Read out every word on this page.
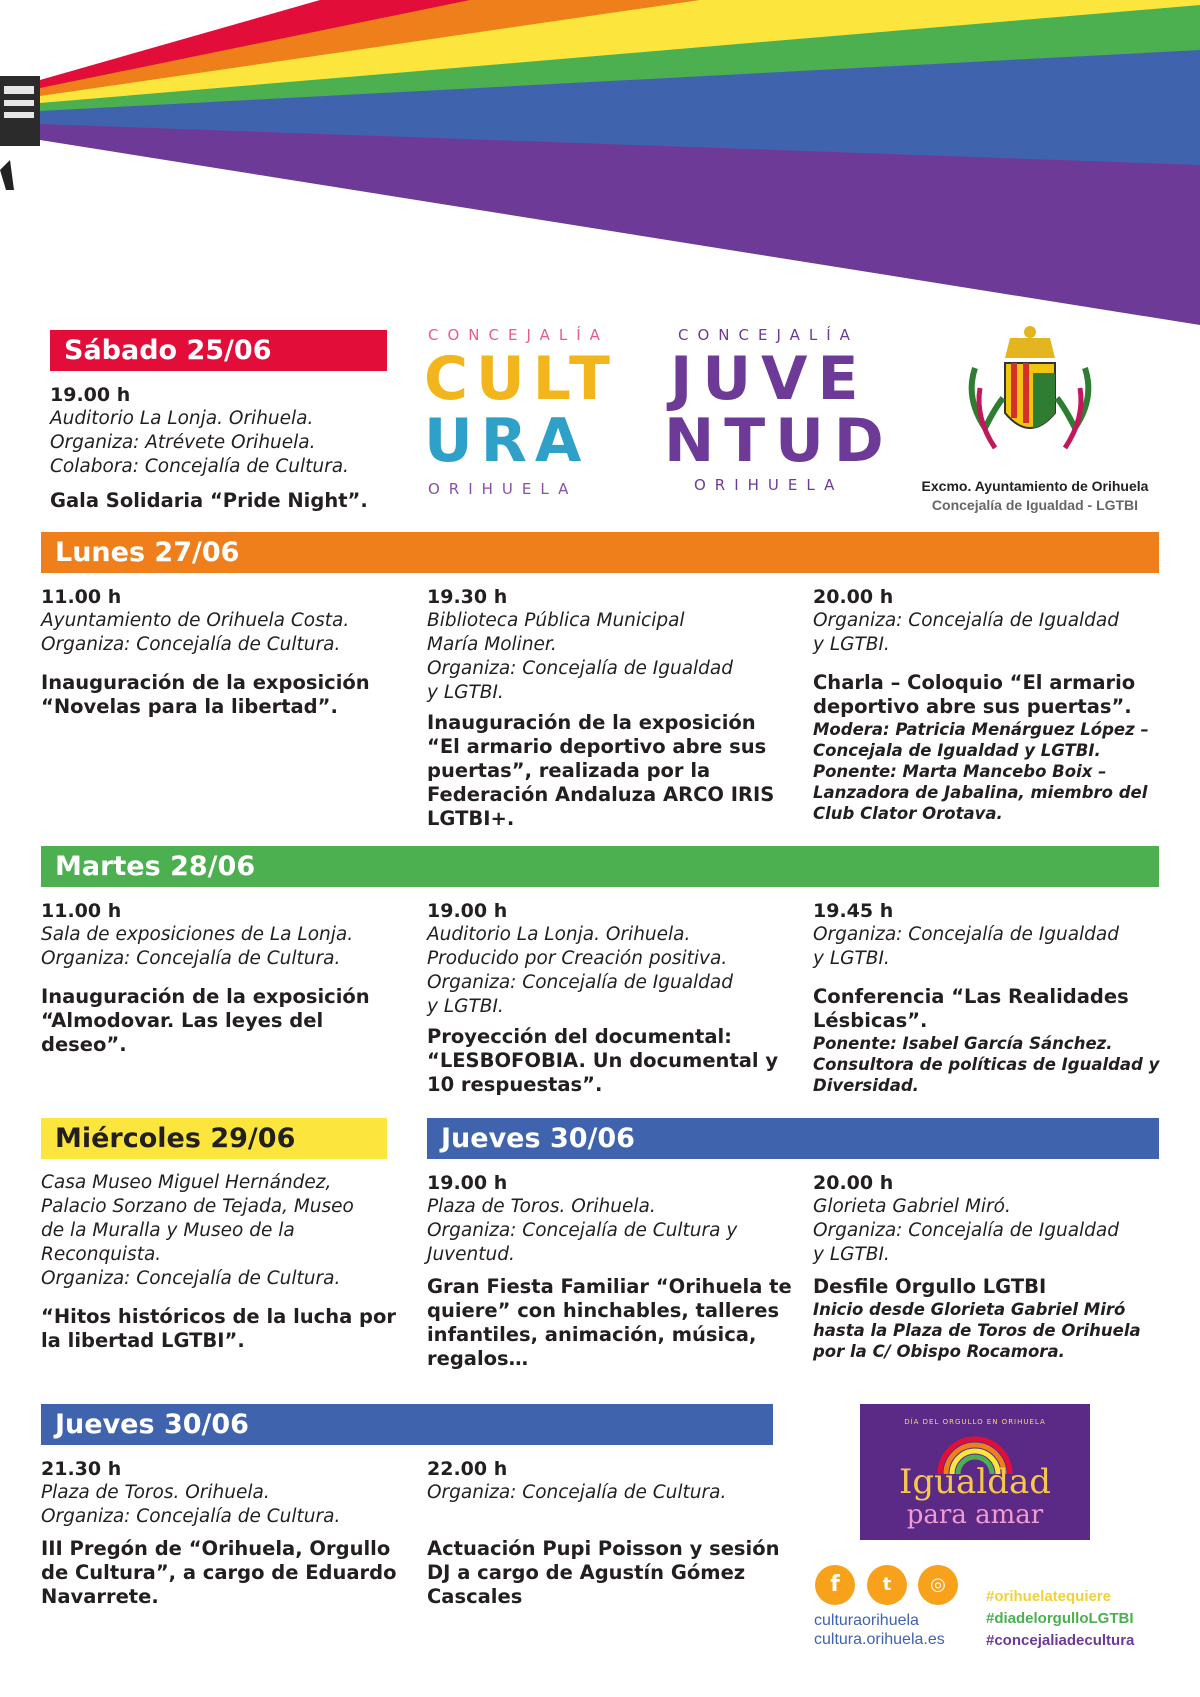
Sábado 25/06
19.00 h
Auditorio La Lonja. Orihuela.
Organiza: Atrévete Orihuela.
Colabora: Concejalía de Cultura.
Gala Solidaria “Pride Night”.
CONCEJALÍA
CULT
URA
ORIHUELA
CONCEJALÍA
JUVE
NTUD
ORIHUELA	Excmo. Ayuntamiento de Orihuela
Concejalía de Igualdad - LGTBI
Lunes 27/06
11.00 h
Ayuntamiento de Orihuela Costa.
Organiza: Concejalía de Cultura.
Inauguración de la exposición
“Novelas para la libertad”.
19.30 h
Biblioteca Pública Municipal
María Moliner.
Organiza: Concejalía de Igualdad
y LGTBI.
Inauguración de la exposición
“El armario deportivo abre sus
puertas”, realizada por la
Federación Andaluza ARCO IRIS
LGTBI+.
20.00 h
Organiza: Concejalía de Igualdad
y LGTBI.
Charla – Coloquio “El armario
deportivo abre sus puertas”.
Modera: Patricia Menárguez López –
Concejala de Igualdad y LGTBI.
Ponente: Marta Mancebo Boix –
Lanzadora de Jabalina, miembro del
Club Clator Orotava.
Martes 28/06
11.00 h
Sala de exposiciones de La Lonja.
Organiza: Concejalía de Cultura.
Inauguración de la exposición
“Almodovar. Las leyes del
deseo”.
19.00 h
Auditorio La Lonja. Orihuela.
Producido por Creación positiva.
Organiza: Concejalía de Igualdad
y LGTBI.
Proyección del documental:
“LESBOFOBIA. Un documental y
10 respuestas”.
19.45 h
Organiza: Concejalía de Igualdad
y LGTBI.
Conferencia “Las Realidades
Lésbicas”.
Ponente: Isabel García Sánchez.
Consultora de políticas de Igualdad y
Diversidad.
Miércoles 29/06
Casa Museo Miguel Hernández,
Palacio Sorzano de Tejada, Museo
de la Muralla y Museo de la
Reconquista.
Organiza: Concejalía de Cultura.
“Hitos históricos de la lucha por
la libertad LGTBI”.
Jueves 30/06
19.00 h
Plaza de Toros. Orihuela.
Organiza: Concejalía de Cultura y
Juventud.
Gran Fiesta Familiar “Orihuela te
quiere” con hinchables, talleres
infantiles, animación, música,
regalos…
20.00 h
Glorieta Gabriel Miró.
Organiza: Concejalía de Igualdad
y LGTBI.
Desfile Orgullo LGTBI
Inicio desde Glorieta Gabriel Miró
hasta la Plaza de Toros de Orihuela
por la C/ Obispo Rocamora.
Jueves 30/06
21.30 h
Plaza de Toros. Orihuela.
Organiza: Concejalía de Cultura.
III Pregón de “Orihuela, Orgullo
de Cultura”, a cargo de Eduardo
Navarrete.
22.00 h
Organiza: Concejalía de Cultura.
Actuación Pupi Poisson y sesión
DJ a cargo de Agustín Gómez
Cascales
DÍA DEL ORGULLO EN ORIHUELA
Igualdad
para amar
f	t	◎
culturaorihuela
cultura.orihuela.es
#orihuelatequiere
#diadelorgulloLGTBI
#concejaliadecultura
